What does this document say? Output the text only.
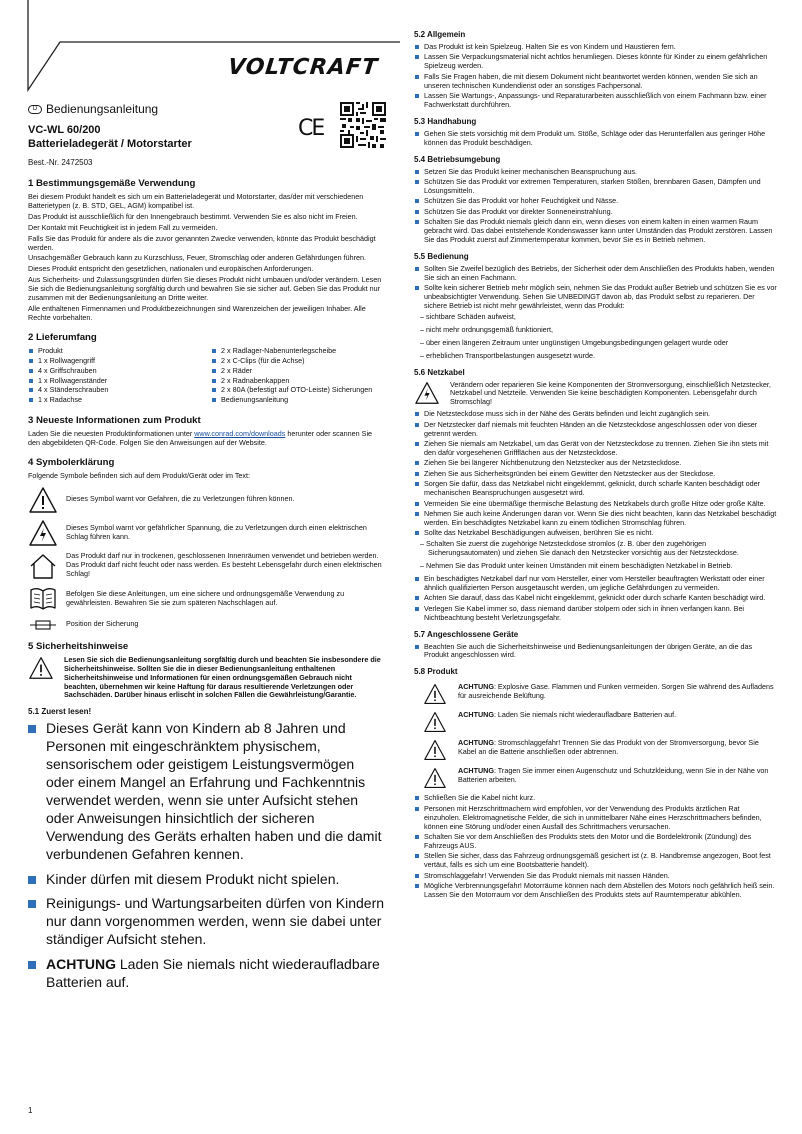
VOLTCRAFT
D Bedienungsanleitung
VC-WL 60/200
Batterieladegerät / Motorstarter
Best.-Nr. 2472503
CE
1 Bestimmungsgemäße Verwendung

Bei diesem Produkt handelt es sich um ein Batterieladegerät und Motorstarter, das/der mit verschiedenen Batterietypen (z. B. STD, GEL, AGM) kompatibel ist.

Das Produkt ist ausschließlich für den Innengebrauch bestimmt. Verwenden Sie es also nicht im Freien.

Der Kontakt mit Feuchtigkeit ist in jedem Fall zu vermeiden.

Falls Sie das Produkt für andere als die zuvor genannten Zwecke verwenden, könnte das Produkt beschädigt werden.

Unsachgemäßer Gebrauch kann zu Kurzschluss, Feuer, Stromschlag oder anderen Gefährdungen führen.

Dieses Produkt entspricht den gesetzlichen, nationalen und europäischen Anforderungen.

Aus Sicherheits- und Zulassungsgründen dürfen Sie dieses Produkt nicht umbauen und/oder verändern. Lesen Sie sich die Bedienungsanleitung sorgfältig durch und bewahren Sie sie sicher auf. Geben Sie das Produkt nur zusammen mit der Bedienungsanleitung an Dritte weiter.

Alle enthaltenen Firmennamen und Produktbezeichnungen sind Warenzeichen der jeweiligen Inhaber. Alle Rechte vorbehalten.

2 Lieferumfang
Produkt
1 x Rollwagengriff
4 x Griffschrauben
1 x Rollwagenständer
4 x Ständerschrauben
1 x Radachse
2 x Radlager-Nabenunterlegscheibe
2 x C-Clips (für die Achse)
2 x Räder
2 x Radnabenkappen
2 x 80A (befestigt auf OTO-Leiste) Sicherungen
Bedienungsanleitung
3 Neueste Informationen zum Produkt

Laden Sie die neuesten Produktinformationen unter www.conrad.com/downloads herunter oder scannen Sie den abgebildeten QR-Code. Folgen Sie den Anweisungen auf der Website.

4 Symbolerklärung

Folgende Symbole befinden sich auf dem Produkt/Gerät oder im Text:

Dieses Symbol warnt vor Gefahren, die zu Verletzungen führen können.
Dieses Symbol warnt vor gefährlicher Spannung, die zu Verletzungen durch einen elektrischen Schlag führen kann.
Das Produkt darf nur in trockenen, geschlossenen Innenräumen verwendet und betrieben werden. Das Produkt darf nicht feucht oder nass werden. Es besteht Lebensgefahr durch einen elektrischen Schlag!
Befolgen Sie diese Anleitungen, um eine sichere und ordnungsgemäße Verwendung zu gewährleisten. Bewahren Sie sie zum späteren Nachschlagen auf.
Position der Sicherung
5 Sicherheitshinweise
Lesen Sie sich die Bedienungsanleitung sorgfältig durch und beachten Sie insbesondere die Sicherheitshinweise. Sollten Sie die in dieser Bedienungsanleitung enthaltenen Sicherheitshinweise und Informationen für einen ordnungsgemäßen Gebrauch nicht beachten, übernehmen wir keine Haftung für daraus resultierende Verletzungen oder Sachschäden. Darüber hinaus erlischt in solchen Fällen die Gewährleistung/Garantie.
5.1 Zuerst lesen!
Dieses Gerät kann von Kindern ab 8 Jahren und Personen mit eingeschränktem physischem, sensorischem oder geistigem Leistungsvermögen oder einem Mangel an Erfahrung und Fachkenntnis verwendet werden, wenn sie unter Aufsicht stehen oder Anweisungen hinsichtlich der sicheren Verwendung des Geräts erhalten haben und die damit verbundenen Gefahren kennen.
Kinder dürfen mit diesem Produkt nicht spielen.
Reinigungs- und Wartungsarbeiten dürfen von Kindern nur dann vorgenommen werden, wenn sie dabei unter ständiger Aufsicht stehen.
ACHTUNG Laden Sie niemals nicht wiederaufladbare Batterien auf.
5.2 Allgemein
Das Produkt ist kein Spielzeug. Halten Sie es von Kindern und Haustieren fern.
Lassen Sie Verpackungsmaterial nicht achtlos herumliegen. Dieses könnte für Kinder zu einem gefährlichen Spielzeug werden.
Falls Sie Fragen haben, die mit diesem Dokument nicht beantwortet werden können, wenden Sie sich an unseren technischen Kundendienst oder an sonstiges Fachpersonal.
Lassen Sie Wartungs-, Anpassungs- und Reparaturarbeiten ausschließlich von einem Fachmann bzw. einer Fachwerkstatt durchführen.
5.3 Handhabung
Gehen Sie stets vorsichtig mit dem Produkt um. Stöße, Schläge oder das Herunterfallen aus geringer Höhe können das Produkt beschädigen.
5.4 Betriebsumgebung
Setzen Sie das Produkt keiner mechanischen Beanspruchung aus.
Schützen Sie das Produkt vor extremen Temperaturen, starken Stößen, brennbaren Gasen, Dämpfen und Lösungsmitteln.
Schützen Sie das Produkt vor hoher Feuchtigkeit und Nässe.
Schützen Sie das Produkt vor direkter Sonneneinstrahlung.
Schalten Sie das Produkt niemals gleich dann ein, wenn dieses von einem kalten in einen warmen Raum gebracht wird. Das dabei entstehende Kondenswasser kann unter Umständen das Produkt zerstören. Lassen Sie das Produkt zuerst auf Zimmertemperatur kommen, bevor Sie es in Betrieb nehmen.
5.5 Bedienung
Sollten Sie Zweifel bezüglich des Betriebs, der Sicherheit oder dem Anschließen des Produkts haben, wenden Sie sich an einen Fachmann.
Sollte kein sicherer Betrieb mehr möglich sein, nehmen Sie das Produkt außer Betrieb und schützen Sie es vor unbeabsichtigter Verwendung. Sehen Sie UNBEDINGT davon ab, das Produkt selbst zu reparieren. Der sichere Betrieb ist nicht mehr gewährleistet, wenn das Produkt:
– sichtbare Schäden aufweist,
– nicht mehr ordnungsgemäß funktioniert,
– über einen längeren Zeitraum unter ungünstigen Umgebungsbedingungen gelagert wurde oder
– erheblichen Transportbelastungen ausgesetzt wurde.
5.6 Netzkabel
Verändern oder reparieren Sie keine Komponenten der Stromversorgung, einschließlich Netzstecker, Netzkabel und Netzteile. Verwenden Sie keine beschädigten Komponenten. Lebensgefahr durch Stromschlag!
Die Netzsteckdose muss sich in der Nähe des Geräts befinden und leicht zugänglich sein.
Der Netzstecker darf niemals mit feuchten Händen an die Netzsteckdose angeschlossen oder von dieser getrennt werden.
Ziehen Sie niemals am Netzkabel, um das Gerät von der Netzsteckdose zu trennen. Ziehen Sie ihn stets mit den dafür vorgesehenen Griffflächen aus der Netzsteckdose.
Ziehen Sie bei längerer Nichtbenutzung den Netzstecker aus der Netzsteckdose.
Ziehen Sie aus Sicherheitsgründen bei einem Gewitter den Netzstecker aus der Steckdose.
Sorgen Sie dafür, dass das Netzkabel nicht eingeklemmt, geknickt, durch scharfe Kanten beschädigt oder mechanischen Beanspruchungen ausgesetzt wird.
Vermeiden Sie eine übermäßige thermische Belastung des Netzkabels durch große Hitze oder große Kälte.
Nehmen Sie auch keine Änderungen daran vor. Wenn Sie dies nicht beachten, kann das Netzkabel beschädigt werden. Ein beschädigtes Netzkabel kann zu einem tödlichen Stromschlag führen.
Sollte das Netzkabel Beschädigungen aufweisen, berühren Sie es nicht.
– Schalten Sie zuerst die zugehörige Netzsteckdose stromlos (z. B. über den zugehörigen Sicherungsautomaten) und ziehen Sie danach den Netzstecker vorsichtig aus der Netzsteckdose.
– Nehmen Sie das Produkt unter keinen Umständen mit einem beschädigten Netzkabel in Betrieb.
Ein beschädigtes Netzkabel darf nur vom Hersteller, einer vom Hersteller beauftragten Werkstatt oder einer ähnlich qualifizierten Person ausgetauscht werden, um jegliche Gefährdungen zu vermeiden.
Achten Sie darauf, dass das Kabel nicht eingeklemmt, geknickt oder durch scharfe Kanten beschädigt wird.
Verlegen Sie Kabel immer so, dass niemand darüber stolpern oder sich in ihnen verfangen kann. Bei Nichtbeachtung besteht Verletzungsgefahr.
5.7 Angeschlossene Geräte
Beachten Sie auch die Sicherheitshinweise und Bedienungsanleitungen der übrigen Geräte, an die das Produkt angeschlossen wird.
5.8 Produkt
ACHTUNG: Explosive Gase. Flammen und Funken vermeiden. Sorgen Sie während des Aufladens für ausreichende Belüftung.
ACHTUNG: Laden Sie niemals nicht wiederaufladbare Batterien auf.
ACHTUNG: Stromschlaggefahr! Trennen Sie das Produkt von der Stromversorgung, bevor Sie Kabel an die Batterie anschließen oder abtrennen.
ACHTUNG: Tragen Sie immer einen Augenschutz und Schutzkleidung, wenn Sie in der Nähe von Batterien arbeiten.
Schließen Sie die Kabel nicht kurz.
Personen mit Herzschrittmachern wird empfohlen, vor der Verwendung des Produkts ärztlichen Rat einzuholen. Elektromagnetische Felder, die sich in unmittelbarer Nähe eines Herzschrittmachers befinden, können eine Störung und/oder einen Ausfall des Schrittmachers verursachen.
Schalten Sie vor dem Anschließen des Produkts stets den Motor und die Bordelektronik (Zündung) des Fahrzeugs AUS.
Stellen Sie sicher, dass das Fahrzeug ordnungsgemäß gesichert ist (z. B. Handbremse angezogen, Boot fest vertäut, falls es sich um eine Bootsbatterie handelt).
Stromschlaggefahr! Verwenden Sie das Produkt niemals mit nassen Händen.
Mögliche Verbrennungsgefahr! Motorräume können nach dem Abstellen des Motors noch gefährlich heiß sein. Lassen Sie den Motorraum vor dem Anschließen des Produkts stets auf Raumtemperatur abkühlen.
1
